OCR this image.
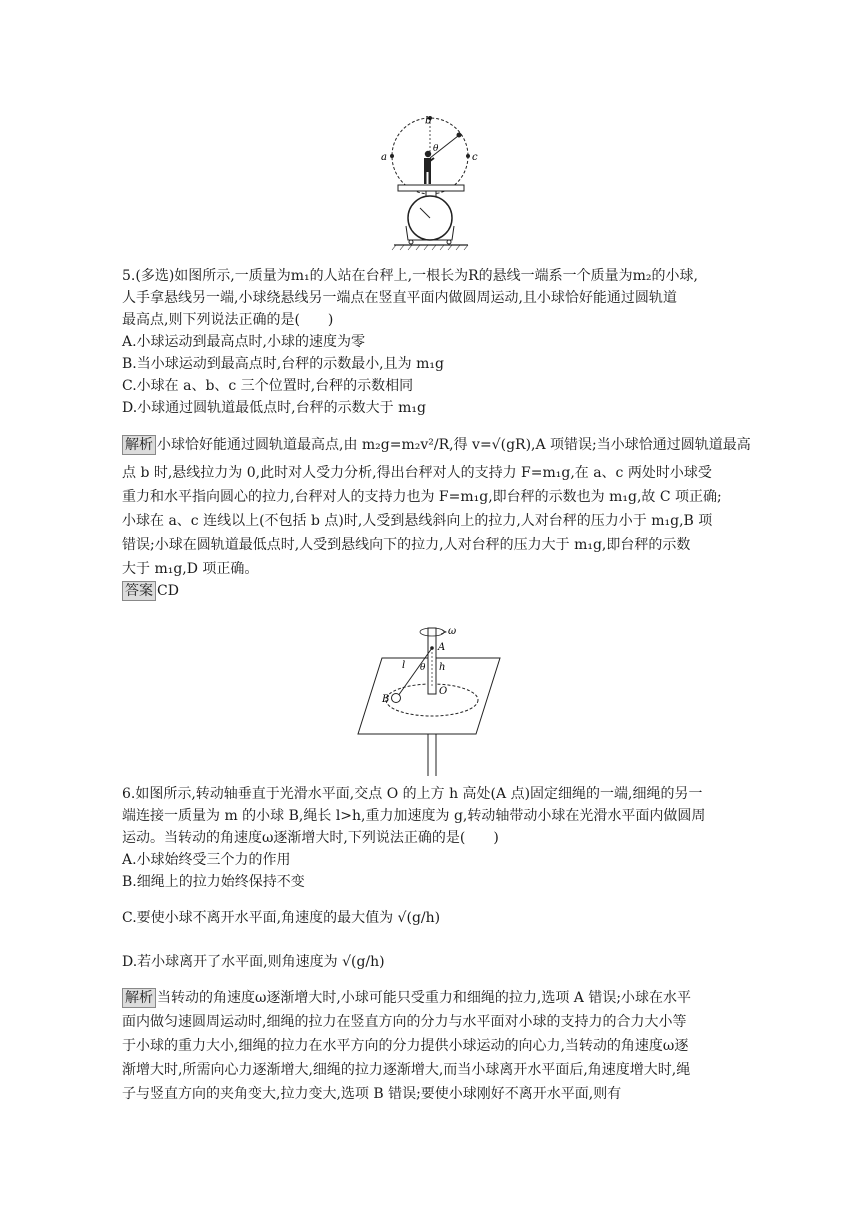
a
b
c
θ
5.(多选)如图所示,一质量为m₁的人站在台秤上,一根长为R的悬线一端系一个质量为m₂的小球,
人手拿悬线另一端,小球绕悬线另一端点在竖直平面内做圆周运动,且小球恰好能通过圆轨道
最高点,则下列说法正确的是(　　)
A.小球运动到最高点时,小球的速度为零
B.当小球运动到最高点时,台秤的示数最小,且为 m₁g
C.小球在 a、b、c 三个位置时,台秤的示数相同
D.小球通过圆轨道最低点时,台秤的示数大于 m₁g
解析 小球恰好能通过圆轨道最高点,由 m₂g=m₂v²/R,得 v=√(gR),A 项错误;当小球恰通过圆轨道最高
点 b 时,悬线拉力为 0,此时对人受力分析,得出台秤对人的支持力 F=m₁g,在 a、c 两处时小球受
重力和水平指向圆心的拉力,台秤对人的支持力也为 F=m₁g,即台秤的示数也为 m₁g,故 C 项正确;
小球在 a、c 连线以上(不包括 b 点)时,人受到悬线斜向上的拉力,人对台秤的压力小于 m₁g,B 项
错误;小球在圆轨道最低点时,人受到悬线向下的拉力,人对台秤的压力大于 m₁g,即台秤的示数
大于 m₁g,D 项正确。
答案 CD
ω
A
l θ h
B
O
6.如图所示,转动轴垂直于光滑水平面,交点 O 的上方 h 高处(A 点)固定细绳的一端,细绳的另一
端连接一质量为 m 的小球 B,绳长 l>h,重力加速度为 g,转动轴带动小球在光滑水平面内做圆周
运动。当转动的角速度ω逐渐增大时,下列说法正确的是(　　)
A.小球始终受三个力的作用
B.细绳上的拉力始终保持不变
C.要使小球不离开水平面,角速度的最大值为 √(g/h)
D.若小球离开了水平面,则角速度为 √(g/h)
解析 当转动的角速度ω逐渐增大时,小球可能只受重力和细绳的拉力,选项 A 错误;小球在水平
面内做匀速圆周运动时,细绳的拉力在竖直方向的分力与水平面对小球的支持力的合力大小等
于小球的重力大小,细绳的拉力在水平方向的分力提供小球运动的向心力,当转动的角速度ω逐
渐增大时,所需向心力逐渐增大,细绳的拉力逐渐增大,而当小球离开水平面后,角速度增大时,绳
子与竖直方向的夹角变大,拉力变大,选项 B 错误;要使小球刚好不离开水平面,则有
